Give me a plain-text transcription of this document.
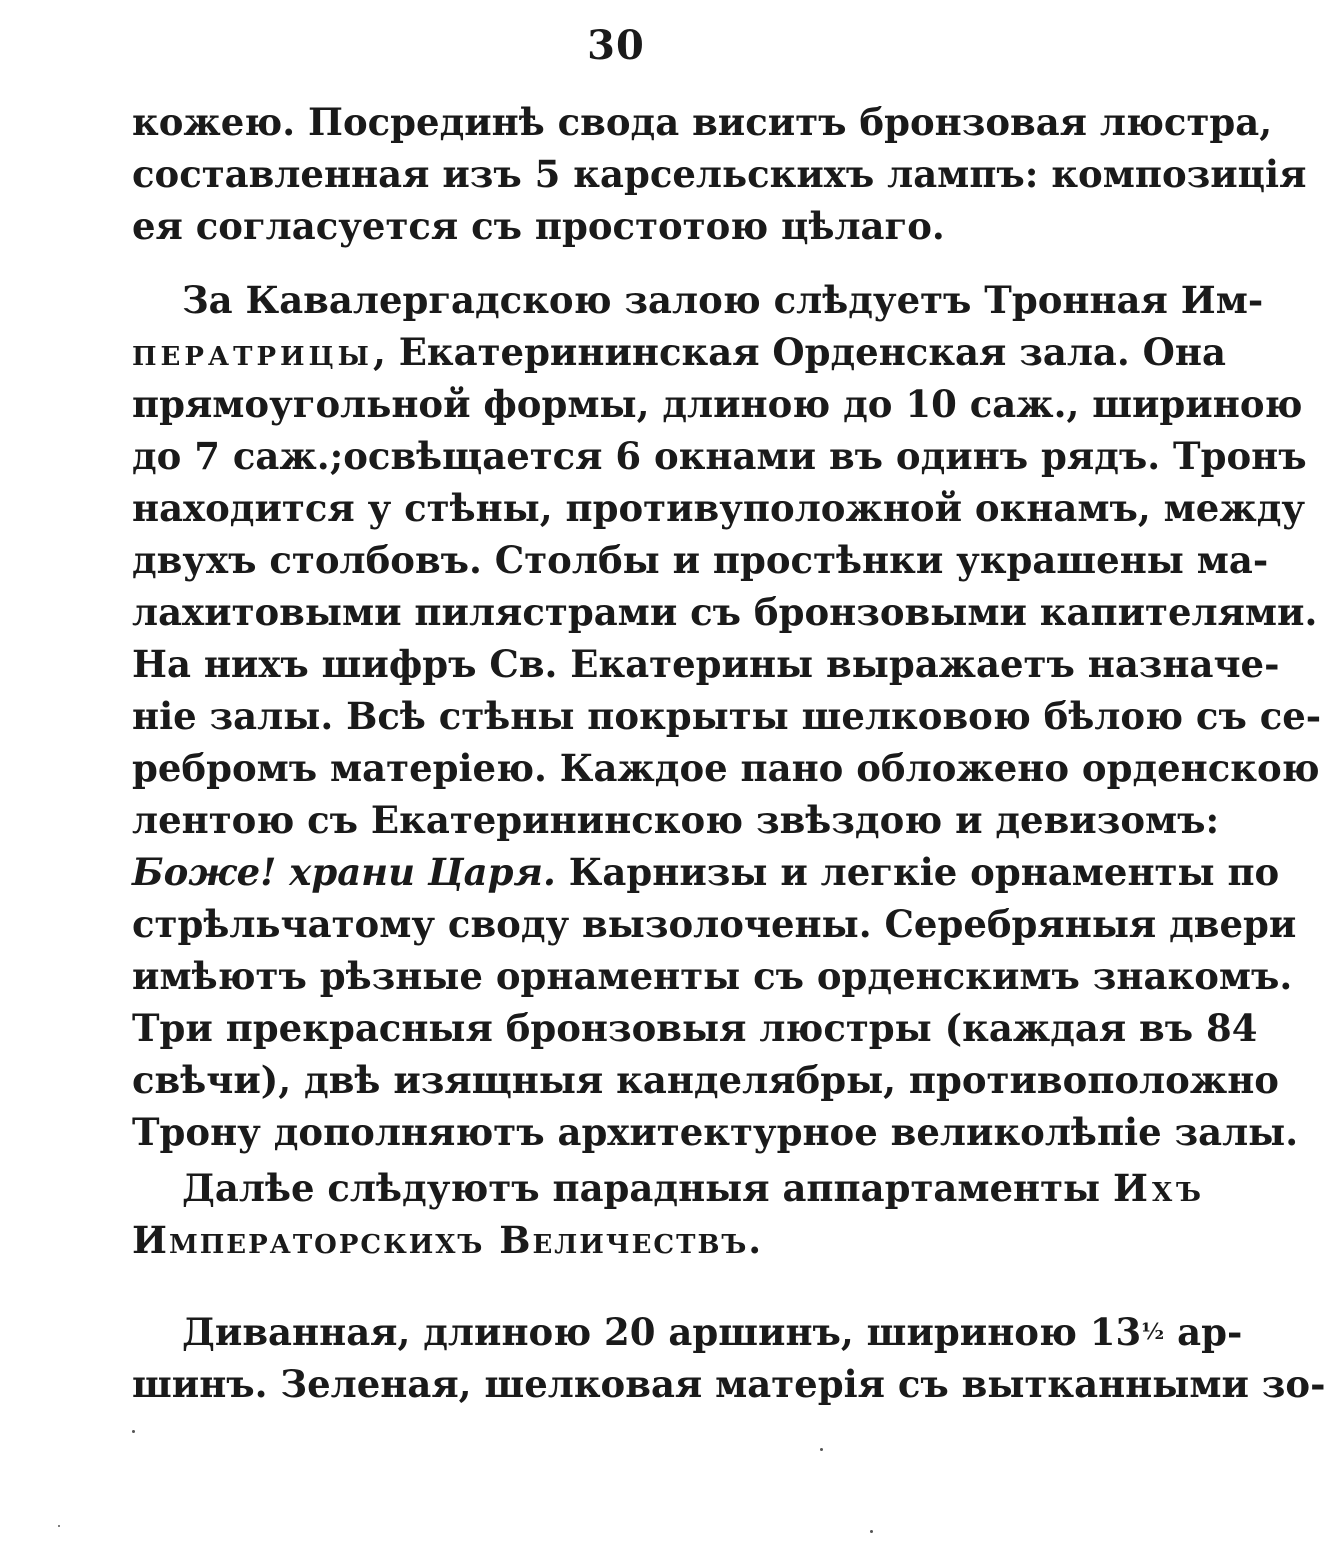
30
кожею. Посрединѣ свода виситъ бронзовая люстра,
составленная изъ 5 карсельскихъ лампъ: композиція
ея согласуется съ простотою цѣлаго.
За Кавалергадскою залою слѣдуетъ Тронная Им-
ператрицы, Екатерининская Орденская зала. Она
прямоугольной формы, длиною до 10 саж., шириною
до 7 саж.;освѣщается 6 окнами въ одинъ рядъ. Тронъ
находится у стѣны, противуположной окнамъ, между
двухъ столбовъ. Столбы и простѣнки украшены ма-
лахитовыми пилястрами съ бронзовыми капителями.
На нихъ шифръ Св. Екатерины выражаетъ назначе-
ніе залы. Всѣ стѣны покрыты шелковою бѣлою съ се-
ребромъ матеріею. Каждое пано обложено орденскою
лентою съ Екатерининскою звѣздою и девизомъ:
Боже! храни Царя. Карнизы и легкіе орнаменты по
стрѣльчатому своду вызолочены. Серебряныя двери
имѣютъ рѣзные орнаменты съ орденскимъ знакомъ.
Три прекрасныя бронзовыя люстры (каждая въ 84
свѣчи), двѣ изящныя канделябры, противоположно
Трону дополняютъ архитектурное великолѣпіе залы.
Далѣе слѣдуютъ парадныя аппартаменты Ихъ
Императорскихъ Величествъ.
Диванная, длиною 20 аршинъ, шириною 13½ ар-
шинъ. Зеленая, шелковая матерія съ вытканными зо-
